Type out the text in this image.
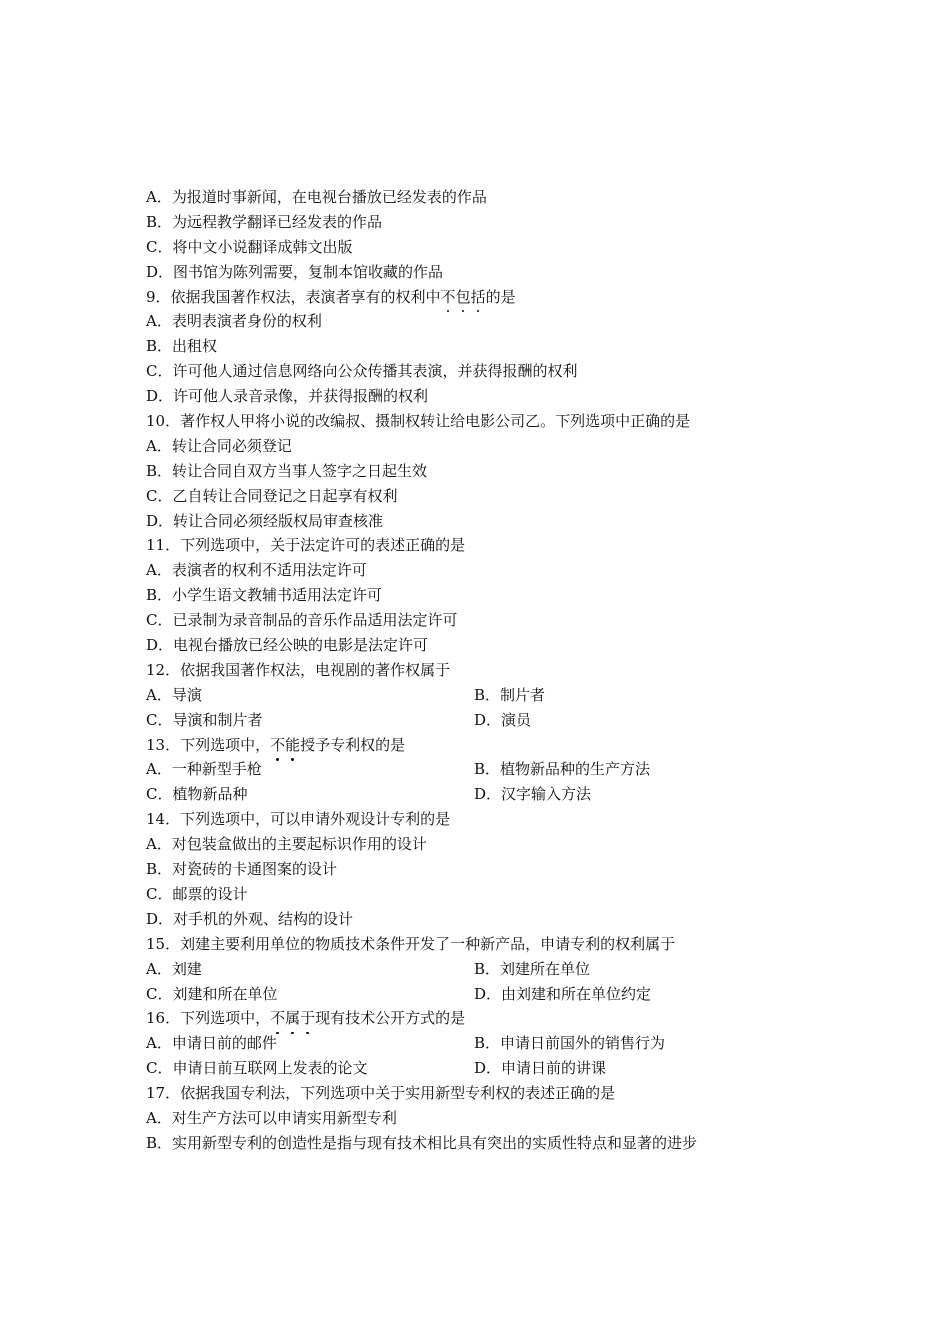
A．为报道时事新闻，在电视台播放已经发表的作品
B．为远程教学翻译已经发表的作品
C．将中文小说翻译成韩文出版
D．图书馆为陈列需要，复制本馆收藏的作品
9．依据我国著作权法，表演者享有的权利中不包括的是
A．表明表演者身份的权利
B．出租权
C．许可他人通过信息网络向公众传播其表演，并获得报酬的权利
D．许可他人录音录像，并获得报酬的权利
10．著作权人甲将小说的改编叔、摄制权转让给电影公司乙。下列选项中正确的是
A．转让合同必须登记
B．转让合同自双方当事人签字之日起生效
C．乙自转让合同登记之日起享有权利
D．转让合同必须经版权局审查核准
11．下列选项中，关于法定许可的表述正确的是
A．表演者的权利不适用法定许可
B．小学生语文教辅书适用法定许可
C．已录制为录音制品的音乐作品适用法定许可
D．电视台播放已经公映的电影是法定许可
12．依据我国著作权法，电视剧的著作权属于
A．导演	B．制片者
C．导演和制片者	D．演员
13．下列选项中，不能授予专利权的是
A．一种新型手枪	B．植物新品种的生产方法
C．植物新品种	D．汉字输入方法
14．下列选项中，可以申请外观设计专利的是
A．对包装盒做出的主要起标识作用的设计
B．对瓷砖的卡通图案的设计
C．邮票的设计
D．对手机的外观、结构的设计
15．刘建主要利用单位的物质技术条件开发了一种新产品，申请专利的权利属于
A．刘建	B．刘建所在单位
C．刘建和所在单位	D．由刘建和所在单位约定
16．下列选项中，不属于现有技术公开方式的是
A．申请日前的邮件	B．申请日前国外的销售行为
C．申请日前互联网上发表的论文	D．申请日前的讲课
17．依据我国专利法，下列选项中关于实用新型专利权的表述正确的是
A．对生产方法可以申请实用新型专利
B．实用新型专利的创造性是指与现有技术相比具有突出的实质性特点和显著的进步
